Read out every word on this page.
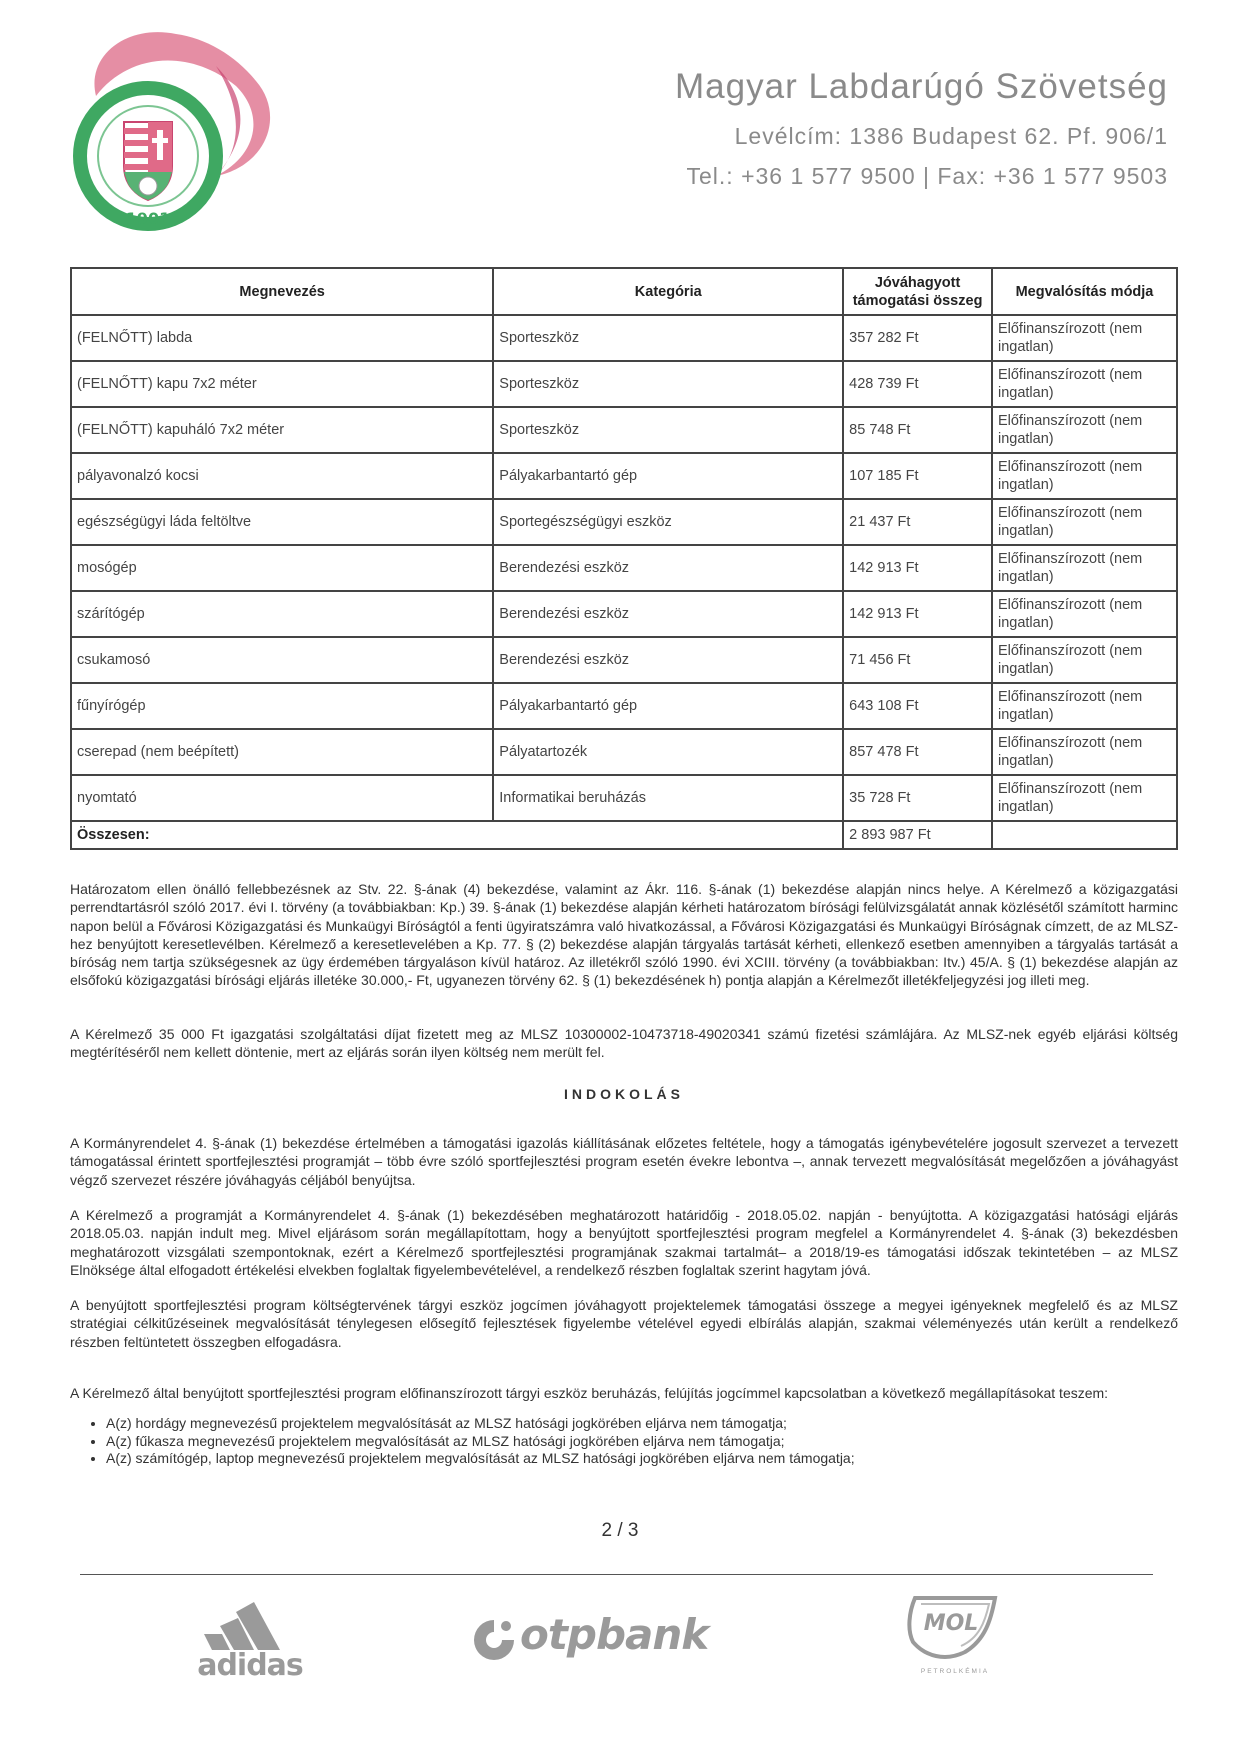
1901
Magyar Labdarúgó Szövetség
Levélcím: 1386 Budapest 62. Pf. 906/1
Tel.: +36 1 577 9500 | Fax: +36 1 577 9503
Megnevezés	Kategória	Jóváhagyott támogatási összeg	Megvalósítás módja
(FELNŐTT) labda	Sporteszköz	357 282 Ft	Előfinanszírozott (nem ingatlan)
(FELNŐTT) kapu 7x2 méter	Sporteszköz	428 739 Ft	Előfinanszírozott (nem ingatlan)
(FELNŐTT) kapuháló 7x2 méter	Sporteszköz	85 748 Ft	Előfinanszírozott (nem ingatlan)
pályavonalzó kocsi	Pályakarbantartó gép	107 185 Ft	Előfinanszírozott (nem ingatlan)
egészségügyi láda feltöltve	Sportegészségügyi eszköz	21 437 Ft	Előfinanszírozott (nem ingatlan)
mosógép	Berendezési eszköz	142 913 Ft	Előfinanszírozott (nem ingatlan)
szárítógép	Berendezési eszköz	142 913 Ft	Előfinanszírozott (nem ingatlan)
csukamosó	Berendezési eszköz	71 456 Ft	Előfinanszírozott (nem ingatlan)
fűnyírógép	Pályakarbantartó gép	643 108 Ft	Előfinanszírozott (nem ingatlan)
cserepad (nem beépített)	Pályatartozék	857 478 Ft	Előfinanszírozott (nem ingatlan)
nyomtató	Informatikai beruházás	35 728 Ft	Előfinanszírozott (nem ingatlan)
Összesen:		2 893 987 Ft	

Határozatom ellen önálló fellebbezésnek az Stv. 22. §-ának (4) bekezdése, valamint az Ákr. 116. §-ának (1) bekezdése alapján nincs helye. A Kérelmező a közigazgatási perrendtartásról szóló 2017. évi I. törvény (a továbbiakban: Kp.) 39. §-ának (1) bekezdése alapján kérheti határozatom bírósági felülvizsgálatát annak közlésétől számított harminc napon belül a Fővárosi Közigazgatási és Munkaügyi Bíróságtól a fenti ügyiratszámra való hivatkozással, a Fővárosi Közigazgatási és Munkaügyi Bíróságnak címzett, de az MLSZ-hez benyújtott keresetlevélben. Kérelmező a keresetlevelében a Kp. 77. § (2) bekezdése alapján tárgyalás tartását kérheti, ellenkező esetben amennyiben a tárgyalás tartását a bíróság nem tartja szükségesnek az ügy érdemében tárgyaláson kívül határoz. Az illetékről szóló 1990. évi XCIII. törvény (a továbbiakban: Itv.) 45/A. § (1) bekezdése alapján az elsőfokú közigazgatási bírósági eljárás illetéke 30.000,- Ft, ugyanezen törvény 62. § (1) bekezdésének h) pontja alapján a Kérelmezőt illetékfeljegyzési jog illeti meg.

A Kérelmező 35 000 Ft igazgatási szolgáltatási díjat fizetett meg az MLSZ 10300002-10473718-49020341 számú fizetési számlájára. Az MLSZ-nek egyéb eljárási költség megtérítéséről nem kellett döntenie, mert az eljárás során ilyen költség nem merült fel.

INDOKOLÁS

A Kormányrendelet 4. §-ának (1) bekezdése értelmében a támogatási igazolás kiállításának előzetes feltétele, hogy a támogatás igénybevételére jogosult szervezet a tervezett támogatással érintett sportfejlesztési programját – több évre szóló sportfejlesztési program esetén évekre lebontva –, annak tervezett megvalósítását megelőzően a jóváhagyást végző szervezet részére jóváhagyás céljából benyújtsa.

A Kérelmező a programját a Kormányrendelet 4. §-ának (1) bekezdésében meghatározott határidőig - 2018.05.02. napján - benyújtotta. A közigazgatási hatósági eljárás 2018.05.03. napján indult meg. Mivel eljárásom során megállapítottam, hogy a benyújtott sportfejlesztési program megfelel a Kormányrendelet 4. §-ának (3) bekezdésben meghatározott vizsgálati szempontoknak, ezért a Kérelmező sportfejlesztési programjának szakmai tartalmát– a 2018/19-es támogatási időszak tekintetében – az MLSZ Elnöksége által elfogadott értékelési elvekben foglaltak figyelembevételével, a rendelkező részben foglaltak szerint hagytam jóvá.

A benyújtott sportfejlesztési program költségtervének tárgyi eszköz jogcímen jóváhagyott projektelemek támogatási összege a megyei igényeknek megfelelő és az MLSZ stratégiai célkitűzéseinek megvalósítását ténylegesen elősegítő fejlesztések figyelembe vételével egyedi elbírálás alapján, szakmai véleményezés után került a rendelkező részben feltüntetett összegben elfogadásra.

A Kérelmező által benyújtott sportfejlesztési program előfinanszírozott tárgyi eszköz beruházás, felújítás jogcímmel kapcsolatban a következő megállapításokat teszem:

• A(z) hordágy megnevezésű projektelem megvalósítását az MLSZ hatósági jogkörében eljárva nem támogatja;
• A(z) fűkasza megnevezésű projektelem megvalósítását az MLSZ hatósági jogkörében eljárva nem támogatja;
• A(z) számítógép, laptop megnevezésű projektelem megvalósítását az MLSZ hatósági jogkörében eljárva nem támogatja;
2 / 3
adidas
otpbank	MOL
PETROLKÉMIA
